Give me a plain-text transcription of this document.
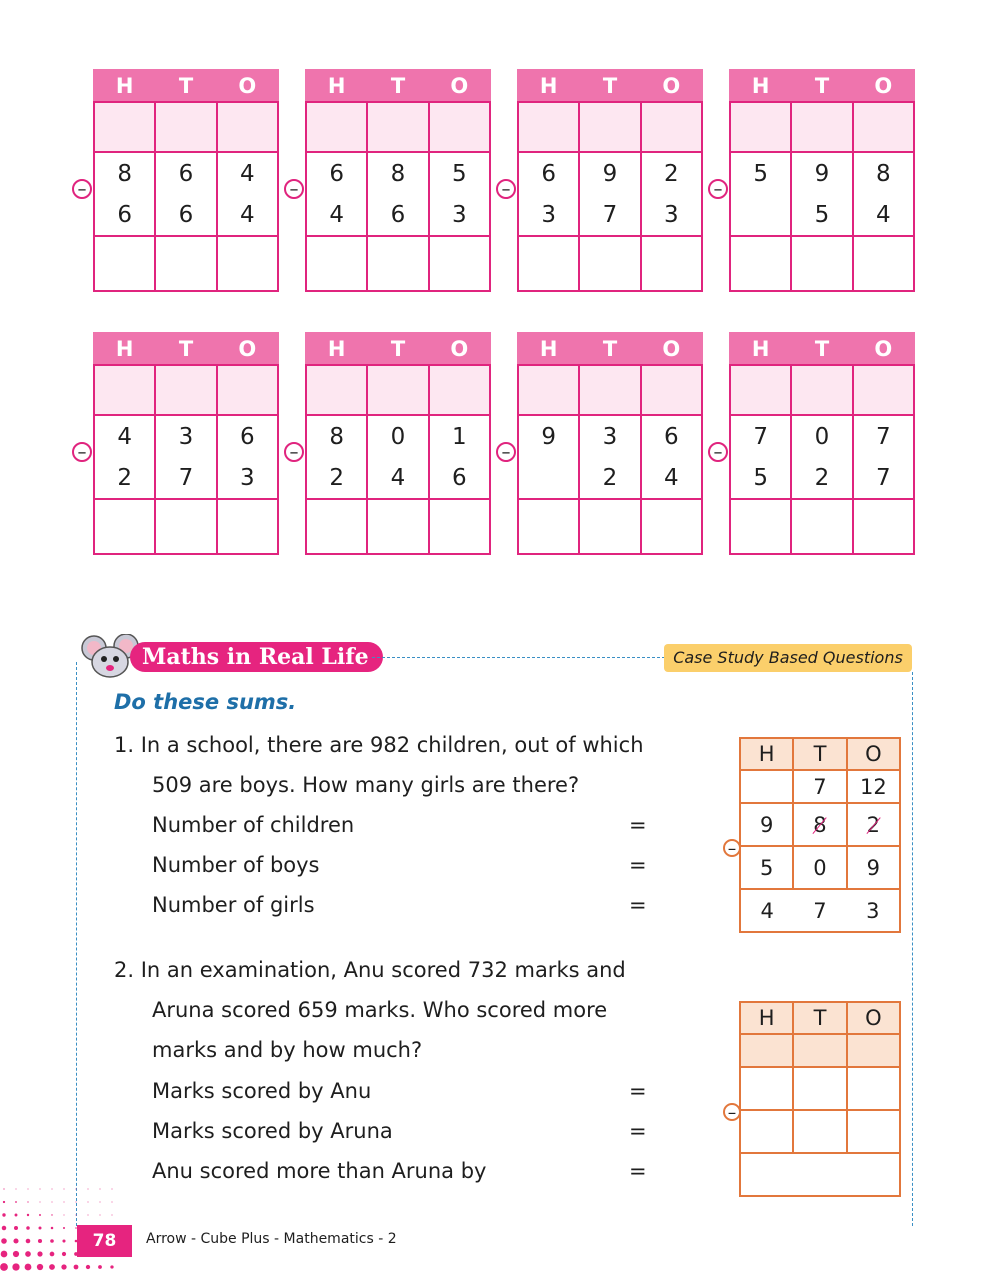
H	T	O

8	6	4
6	6	4

–
H	T	O

6	8	5
4	6	3

–
H	T	O

6	9	2
3	7	3

–
H	T	O

5	9	8
	5	4

–
H	T	O

4	3	6
2	7	3

–
H	T	O

8	0	1
2	4	6

–
H	T	O

9	3	6
	2	4

–
H	T	O

7	0	7
5	2	7

–
Maths in Real Life	Case Study Based Questions
Do these sums.
1. In a school, there are 982 children, out of which
509 are boys. How many girls are there?
Number of children	=
Number of boys	=
Number of girls	=
H	T	O
	7	12
9	8	2
5	0	9
4	7	3
–
2. In an examination, Anu scored 732 marks and
Aruna scored 659 marks. Who scored more
marks and by how much?
Marks scored by Anu	=
Marks scored by Aruna	=
Anu scored more than Aruna by	=
H	T	O

–
78	Arrow - Cube Plus - Mathematics - 2
